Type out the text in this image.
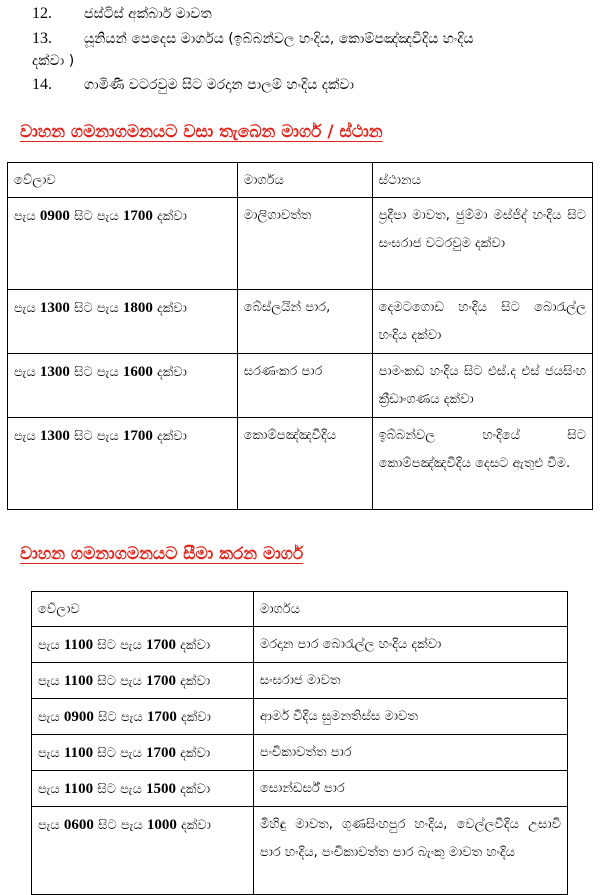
12. ජස්ටිස් අක්බාර් මාවත
13. යූනියන් පෙදෙස මාර්ගය (ඉබ්බන්වල හංදිය, කොම්පඤ්ඤවීදිය හංදිය
දක්වා )
14. ගාමිණී වටරවුම සිට මරදාන පාලම් හංදිය දක්වා
වාහන ගමනාගමනයට වසා තැබෙන මාර්ග / ස්ථාන
වේලාව	මාර්ගය	ස්ථානය
පැය 0900 සිට පැය 1700 දක්වා	මාලිගාවත්ත	ප්‍රදීපා මාවත, ජුම්මා මස්ජිද් හංදිය සිට සංඝරාජ වටරවුම දක්වා
පැය 1300 සිට පැය 1800 දක්වා	බේස්ලයින් පාර,	දෙමටගොඩ හංදිය සිට බොරැල්ල හංදිය දක්වා
පැය 1300 සිට පැය 1600 දක්වා	සරණංකර පාර	පාමංකඩ හංදිය සිට එස්.ද එස් ජයසිංහ ක්‍රීඩාංගණය දක්වා
පැය 1300 සිට පැය 1700 දක්වා	කොම්පඤ්ඤවීදිය	ඉබ්බන්වල හංදියේ සිට කොම්පඤ්ඤවීදිය දෙසට ඇතුළු වීම.
වාහන ගමනාගමනයට සීමා කරන මාර්ග
වේලාව	මාර්ගය
පැය 1100 සිට පැය 1700 දක්වා	මරදාන පාර බොරැල්ල හංදිය දක්වා
පැය 1100 සිට පැය 1700 දක්වා	සංඝරාජ මාවත
පැය 0900 සිට පැය 1700 දක්වා	ආමර් වීදිය සුමනතිස්ස මාවත
පැය 1100 සිට පැය 1700 දක්වා	පංචිකාවත්ත පාර
පැය 1100 සිට පැය 1500 දක්වා	සොන්ඩර්ස් පාර
පැය 0600 සිට පැය 1000 දක්වා	මිහිඳු මාවත, ගුණසිංහපුර හංදිය, වෙල්ලවීදිය උසාවි පාර හංදිය, පංචිකාවත්ත පාර බැංකු මාවත හංදිය
